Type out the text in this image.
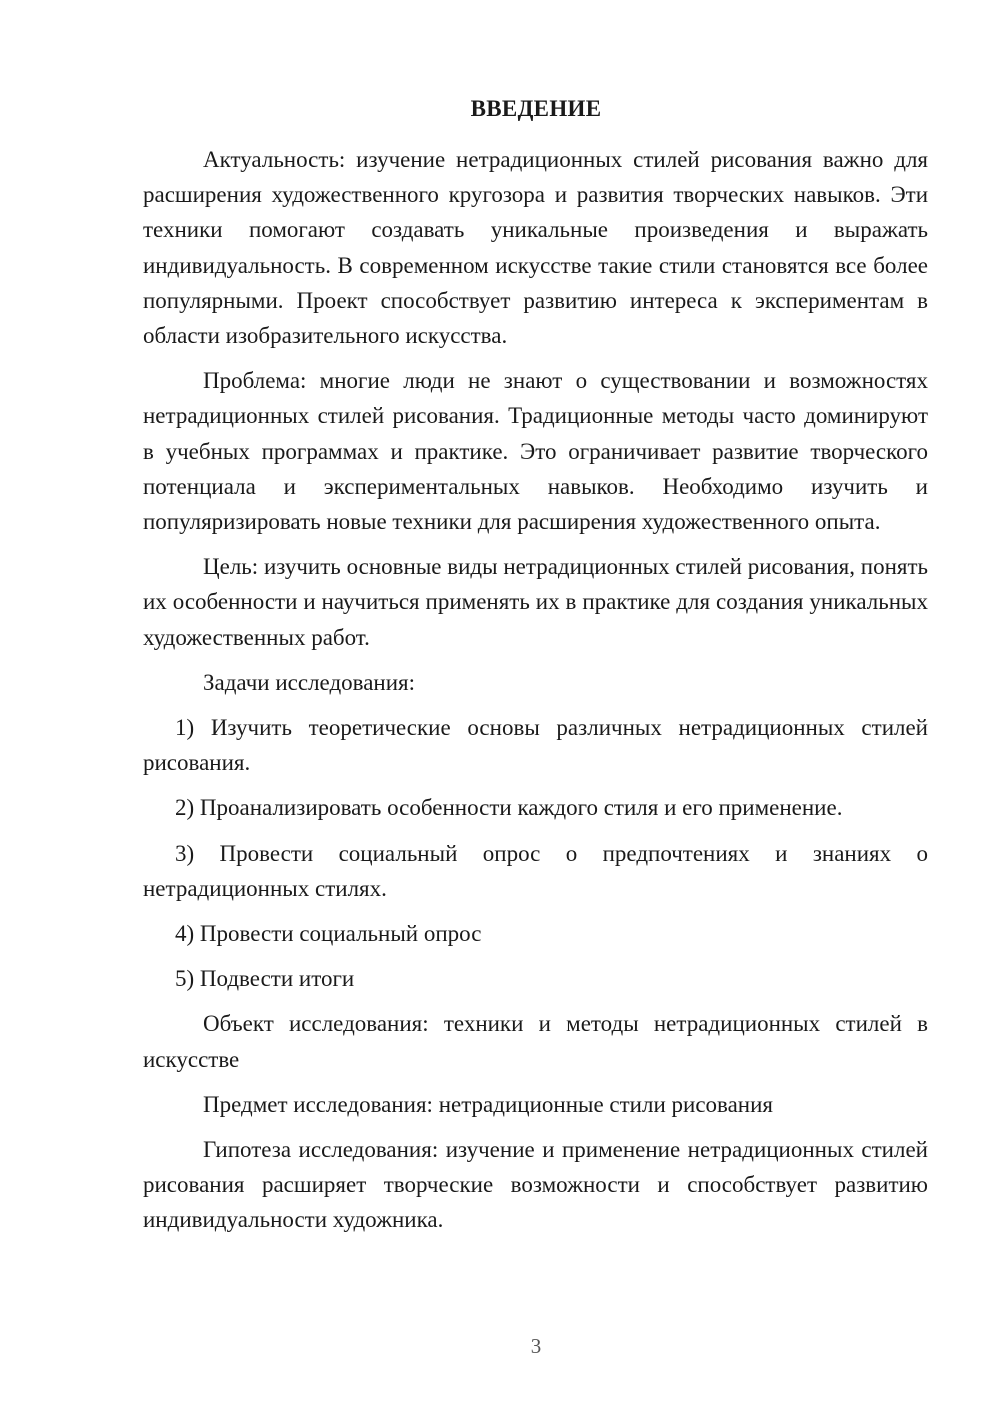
ВВЕДЕНИЕ

Актуальность: изучение нетрадиционных стилей рисования важно для расширения художественного кругозора и развития творческих навыков. Эти техники помогают создавать уникальные произведения и выражать индивидуальность. В современном искусстве такие стили становятся все более популярными. Проект способствует развитию интереса к экспериментам в области изобразительного искусства.

Проблема: многие люди не знают о существовании и возможностях нетрадиционных стилей рисования. Традиционные методы часто доминируют в учебных программах и практике. Это ограничивает развитие творческого потенциала и экспериментальных навыков. Необходимо изучить и популяризировать новые техники для расширения художественного опыта.

Цель: изучить основные виды нетрадиционных стилей рисования, понять их особенности и научиться применять их в практике для создания уникальных художественных работ.

Задачи исследования:

1) Изучить теоретические основы различных нетрадиционных стилей рисования.

2) Проанализировать особенности каждого стиля и его применение.

3) Провести социальный опрос о предпочтениях и знаниях о нетрадиционных стилях.

4) Провести социальный опрос

5) Подвести итоги

Объект исследования: техники и методы нетрадиционных стилей в искусстве

Предмет исследования: нетрадиционные стили рисования

Гипотеза исследования: изучение и применение нетрадиционных стилей рисования расширяет творческие возможности и способствует развитию индивидуальности художника.

3
